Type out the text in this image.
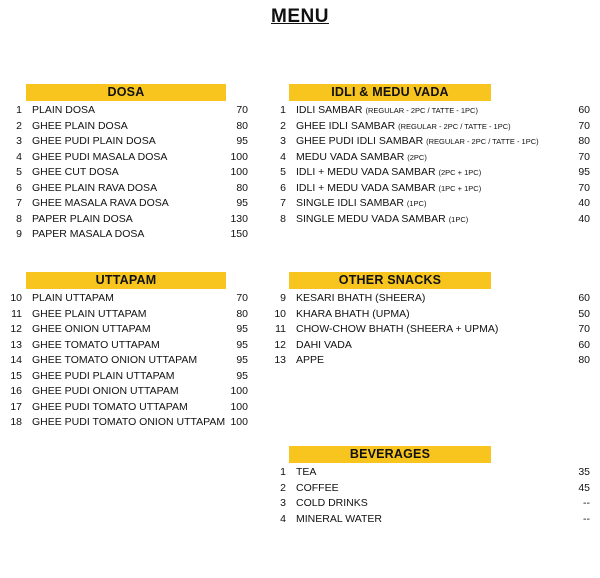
MENU
DOSA
1 PLAIN DOSA	70
2 GHEE PLAIN DOSA	80
3 GHEE PUDI PLAIN DOSA	95
4 GHEE PUDI MASALA DOSA	100
5 GHEE CUT DOSA	100
6 GHEE PLAIN RAVA DOSA	80
7 GHEE MASALA RAVA DOSA	95
8 PAPER PLAIN DOSA	130
9 PAPER MASALA DOSA	150
IDLI & MEDU VADA
1 IDLI SAMBAR (REGULAR - 2PC / TATTE - 1PC)	60
2 GHEE IDLI SAMBAR (REGULAR - 2PC / TATTE - 1PC)	70
3 GHEE PUDI IDLI SAMBAR (REGULAR - 2PC / TATTE - 1PC)	80
4 MEDU VADA SAMBAR (2PC)	70
5 IDLI + MEDU VADA SAMBAR (2PC + 1PC)	95
6 IDLI + MEDU VADA SAMBAR (1PC + 1PC)	70
7 SINGLE IDLI SAMBAR (1PC)	40
8 SINGLE MEDU VADA SAMBAR (1PC)	40
UTTAPAM
10 PLAIN UTTAPAM	70
11 GHEE PLAIN UTTAPAM	80
12 GHEE ONION UTTAPAM	95
13 GHEE TOMATO UTTAPAM	95
14 GHEE TOMATO ONION UTTAPAM	95
15 GHEE PUDI PLAIN UTTAPAM	95
16 GHEE PUDI ONION UTTAPAM	100
17 GHEE PUDI TOMATO UTTAPAM	100
18 GHEE PUDI TOMATO ONION UTTAPAM 100
OTHER SNACKS
9 KESARI BHATH (SHEERA)	60
10 KHARA BHATH (UPMA)	50
11 CHOW-CHOW BHATH (SHEERA + UPMA)	70
12 DAHI VADA	60
13 APPE	80
BEVERAGES
1 TEA	35
2 COFFEE	45
3 COLD DRINKS	--
4 MINERAL WATER	--
